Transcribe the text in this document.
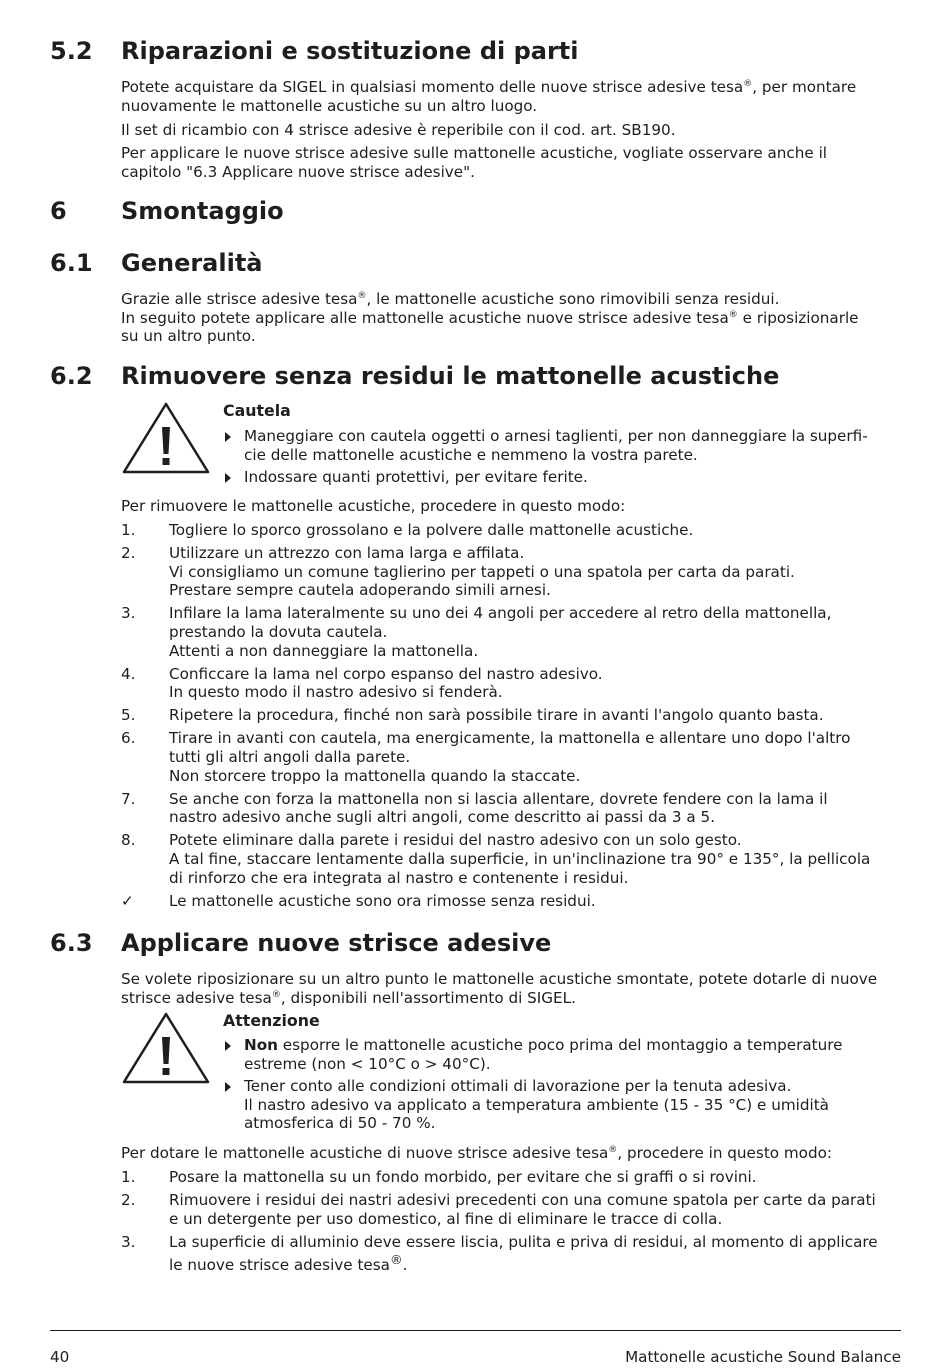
5.2 Riparazioni e sostituzione di parti
Potete acquistare da SIGEL in qualsiasi momento delle nuove strisce adesive tesa®, per montare
nuovamente le mattonelle acustiche su un altro luogo.
Il set di ricambio con 4 strisce adesive è reperibile con il cod. art. SB190.
Per applicare le nuove strisce adesive sulle mattonelle acustiche, vogliate osservare anche il
capitolo "6.3 Applicare nuove strisce adesive".
6 Smontaggio
6.1 Generalità
Grazie alle strisce adesive tesa®, le mattonelle acustiche sono rimovibili senza residui.
In seguito potete applicare alle mattonelle acustiche nuove strisce adesive tesa® e riposizionarle
su un altro punto.
6.2 Rimuovere senza residui le mattonelle acustiche
Cautela
Maneggiare con cautela oggetti o arnesi taglienti, per non danneggiare la superfi-
cie delle mattonelle acustiche e nemmeno la vostra parete.
Indossare quanti protettivi, per evitare ferite.
Per rimuovere le mattonelle acustiche, procedere in questo modo:
1. Togliere lo sporco grossolano e la polvere dalle mattonelle acustiche.
2. Utilizzare un attrezzo con lama larga e affilata.
Vi consigliamo un comune taglierino per tappeti o una spatola per carta da parati.
Prestare sempre cautela adoperando simili arnesi.
3. Infilare la lama lateralmente su uno dei 4 angoli per accedere al retro della mattonella,
prestando la dovuta cautela.
Attenti a non danneggiare la mattonella.
4. Conficcare la lama nel corpo espanso del nastro adesivo.
In questo modo il nastro adesivo si fenderà.
5. Ripetere la procedura, finché non sarà possibile tirare in avanti l'angolo quanto basta.
6. Tirare in avanti con cautela, ma energicamente, la mattonella e allentare uno dopo l'altro
tutti gli altri angoli dalla parete.
Non storcere troppo la mattonella quando la staccate.
7. Se anche con forza la mattonella non si lascia allentare, dovrete fendere con la lama il
nastro adesivo anche sugli altri angoli, come descritto ai passi da 3 a 5.
8. Potete eliminare dalla parete i residui del nastro adesivo con un solo gesto.
A tal fine, staccare lentamente dalla superficie, in un'inclinazione tra 90° e 135°, la pellicola
di rinforzo che era integrata al nastro e contenente i residui.
✓ Le mattonelle acustiche sono ora rimosse senza residui.
6.3 Applicare nuove strisce adesive
Se volete riposizionare su un altro punto le mattonelle acustiche smontate, potete dotarle di nuove
strisce adesive tesa®, disponibili nell'assortimento di SIGEL.
Attenzione
Non esporre le mattonelle acustiche poco prima del montaggio a temperature
estreme (non < 10°C o > 40°C).
Tener conto alle condizioni ottimali di lavorazione per la tenuta adesiva.
Il nastro adesivo va applicato a temperatura ambiente (15 - 35 °C) e umidità
atmosferica di 50 - 70 %.
Per dotare le mattonelle acustiche di nuove strisce adesive tesa®, procedere in questo modo:
1. Posare la mattonella su un fondo morbido, per evitare che si graffi o si rovini.
2. Rimuovere i residui dei nastri adesivi precedenti con una comune spatola per carte da parati
e un detergente per uso domestico, al fine di eliminare le tracce di colla.
3. La superficie di alluminio deve essere liscia, pulita e priva di residui, al momento di applicare
le nuove strisce adesive tesa®.
40	Mattonelle acustiche Sound Balance
